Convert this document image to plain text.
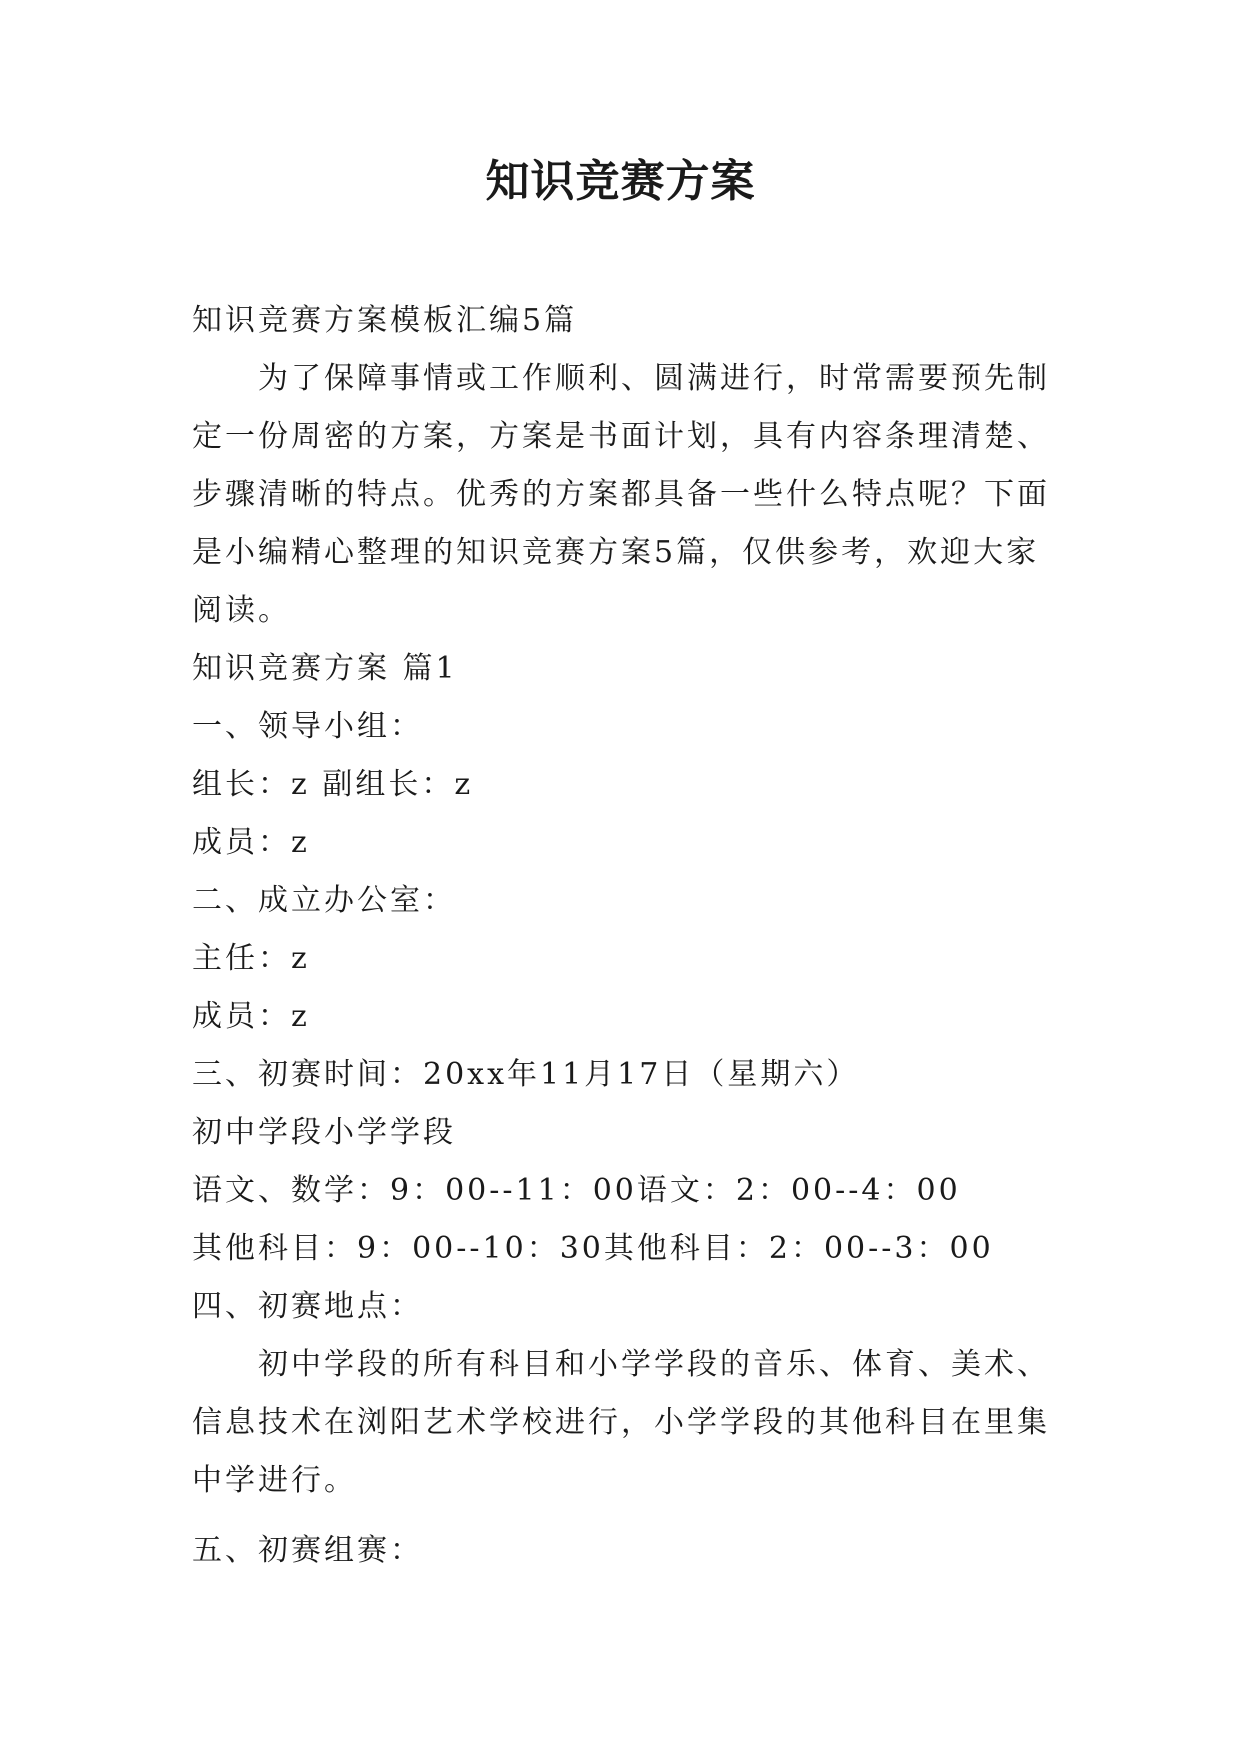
知识竞赛方案

知识竞赛方案模板汇编5篇

为了保障事情或工作顺利、圆满进行，时常需要预先制定一份周密的方案，方案是书面计划，具有内容条理清楚、步骤清晰的特点。优秀的方案都具备一些什么特点呢？下面是小编精心整理的知识竞赛方案5篇，仅供参考，欢迎大家阅读。

知识竞赛方案 篇1

一、领导小组：

组长：z 副组长：z

成员：z

二、成立办公室：

主任：z

成员：z

三、初赛时间：20xx年11月17日（星期六）

初中学段小学学段

语文、数学：9：00--11：00语文：2：00--4：00

其他科目：9：00--10：30其他科目：2：00--3：00

四、初赛地点：

初中学段的所有科目和小学学段的音乐、体育、美术、信息技术在浏阳艺术学校进行，小学学段的其他科目在里集中学进行。

五、初赛组赛：
